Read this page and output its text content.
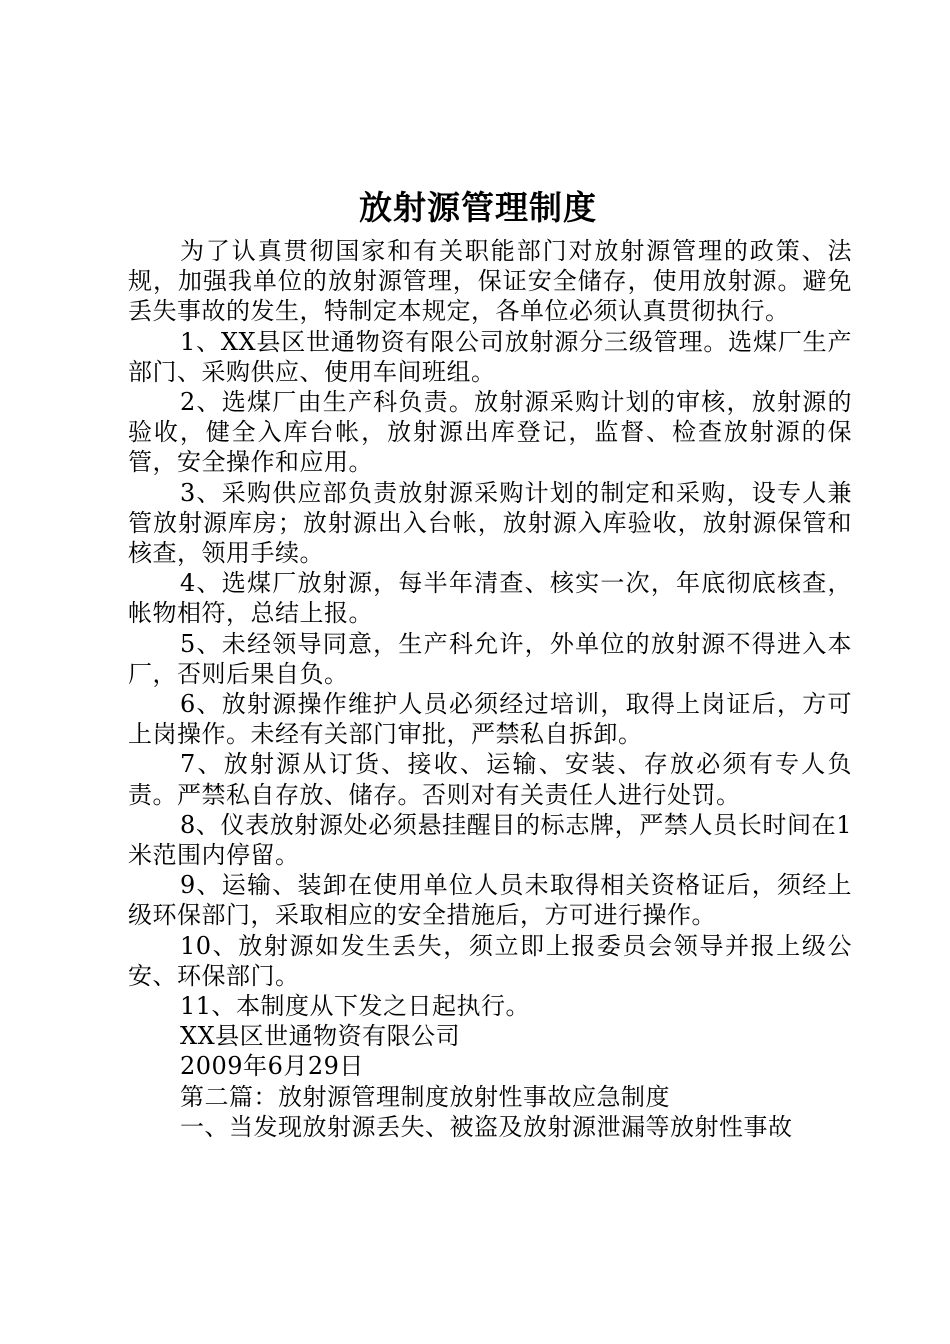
放射源管理制度

为了认真贯彻国家和有关职能部门对放射源管理的政策、法规，加强我单位的放射源管理，保证安全储存，使用放射源。避免丢失事故的发生，特制定本规定，各单位必须认真贯彻执行。

1、XX县区世通物资有限公司放射源分三级管理。选煤厂生产部门、采购供应、使用车间班组。

2、选煤厂由生产科负责。放射源采购计划的审核，放射源的验收，健全入库台帐，放射源出库登记，监督、检查放射源的保管，安全操作和应用。

3、采购供应部负责放射源采购计划的制定和采购，设专人兼管放射源库房；放射源出入台帐，放射源入库验收，放射源保管和核查，领用手续。

4、选煤厂放射源，每半年清查、核实一次，年底彻底核查，帐物相符，总结上报。

5、未经领导同意，生产科允许，外单位的放射源不得进入本厂，否则后果自负。

6、放射源操作维护人员必须经过培训，取得上岗证后，方可上岗操作。未经有关部门审批，严禁私自拆卸。

7、放射源从订货、接收、运输、安装、存放必须有专人负责。严禁私自存放、储存。否则对有关责任人进行处罚。

8、仪表放射源处必须悬挂醒目的标志牌，严禁人员长时间在1米范围内停留。

9、运输、装卸在使用单位人员未取得相关资格证后，须经上级环保部门，采取相应的安全措施后，方可进行操作。

10、放射源如发生丢失，须立即上报委员会领导并报上级公安、环保部门。

11、本制度从下发之日起执行。

XX县区世通物资有限公司

2009年6月29日

第二篇：放射源管理制度放射性事故应急制度

一、当发现放射源丢失、被盗及放射源泄漏等放射性事故
